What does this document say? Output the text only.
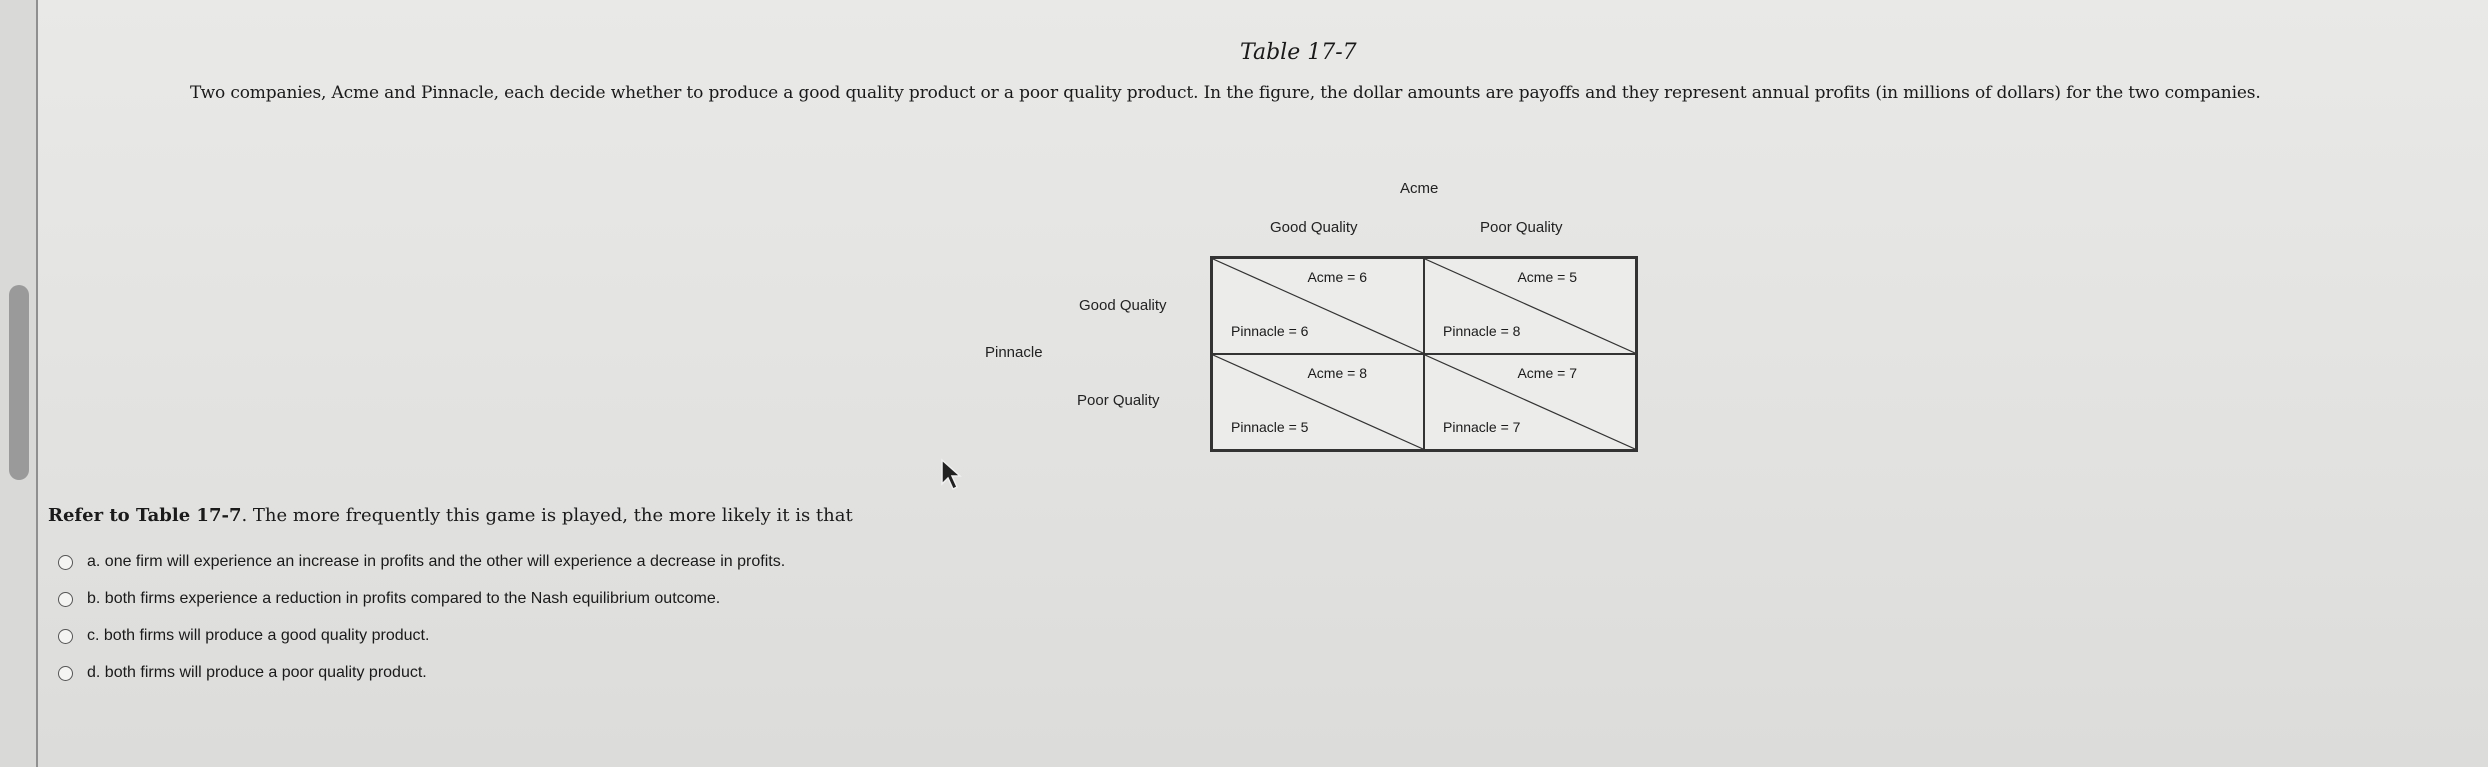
Table 17-7
Two companies, Acme and Pinnacle, each decide whether to produce a good quality product or a poor quality product. In the figure, the dollar amounts are payoffs and they represent annual profits (in millions of dollars) for the two companies.
Acme
Good Quality	Poor Quality
Good Quality
Poor Quality
Pinnacle
Acme = 6
Pinnacle = 6
Acme = 5
Pinnacle = 8
Acme = 8
Pinnacle = 5
Acme = 7
Pinnacle = 7
Refer to Table 17-7. The more frequently this game is played, the more likely it is that
a. one firm will experience an increase in profits and the other will experience a decrease in profits.
b. both firms experience a reduction in profits compared to the Nash equilibrium outcome.
c. both firms will produce a good quality product.
d. both firms will produce a poor quality product.
